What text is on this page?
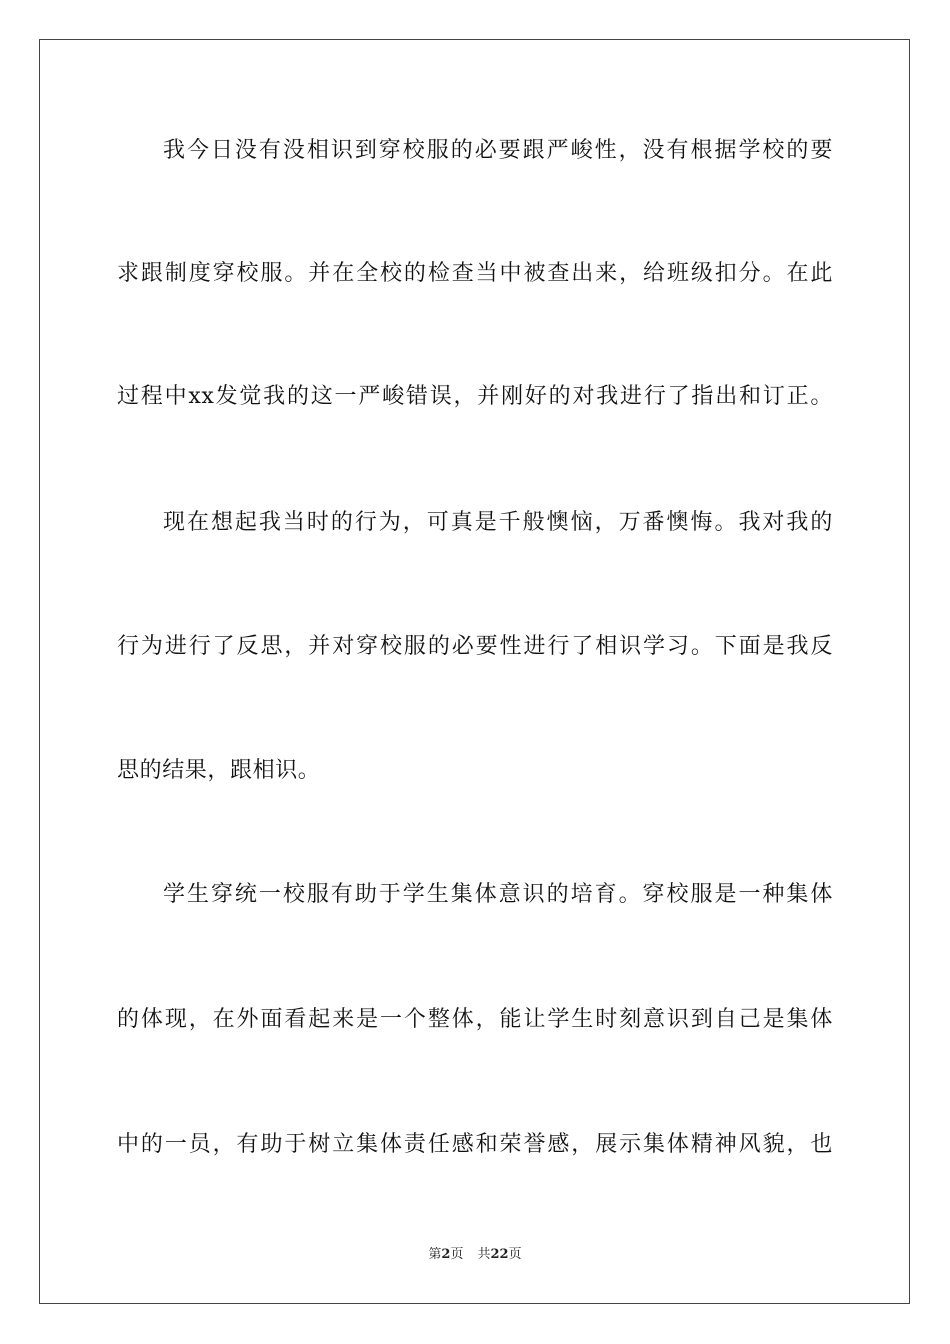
我今日没有没相识到穿校服的必要跟严峻性，没有根据学校的要
求跟制度穿校服。并在全校的检查当中被查出来，给班级扣分。在此
过程中xx发觉我的这一严峻错误，并刚好的对我进行了指出和订正。
现在想起我当时的行为，可真是千般懊恼，万番懊悔。我对我的
行为进行了反思，并对穿校服的必要性进行了相识学习。下面是我反
思的结果，跟相识。
学生穿统一校服有助于学生集体意识的培育。穿校服是一种集体
的体现，在外面看起来是一个整体，能让学生时刻意识到自己是集体
中的一员，有助于树立集体责任感和荣誉感，展示集体精神风貌，也
第2页 共22页
